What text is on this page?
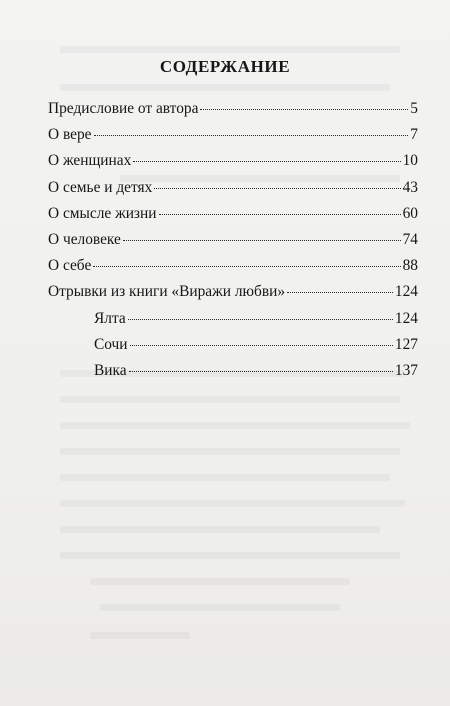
СОДЕРЖАНИЕ
Предисловие от автора	5
О вере	7
О женщинах	10
О семье и детях	43
О смысле жизни	60
О человеке	74
О себе	88
Отрывки из книги «Виражи любви»	124
Ялта	124
Сочи	127
Вика	137
